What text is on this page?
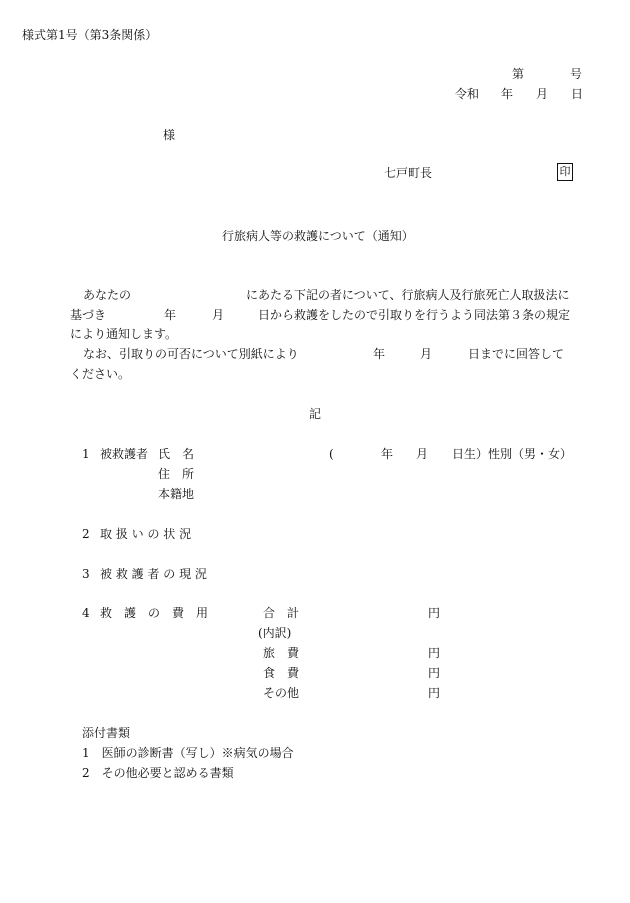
様式第1号（第3条関係）
第	号
令和 年 月 日
様
七戸町長	印
行旅病人等の救護について（通知）
あなたの	にあたる下記の者について、行旅病人及行旅死亡人取扱法に
基づき	年	月	日から救護をしたので引取りを行うよう同法第３条の規定
により通知します。
なお、引取りの可否について別紙により	年	月	日までに回答して
ください。
記
1 被救護者 氏　名	(	年 月 日生）性別（男・女）
住　所
本籍地
2 取 扱 い の 状 況
3 被 救 護 者 の 現 況
4 救　護　の　費　用	合　計	円
(内訳)
旅　費	円
食　費	円
その他	円
添付書類
1　医師の診断書（写し）※病気の場合
2　その他必要と認める書類
